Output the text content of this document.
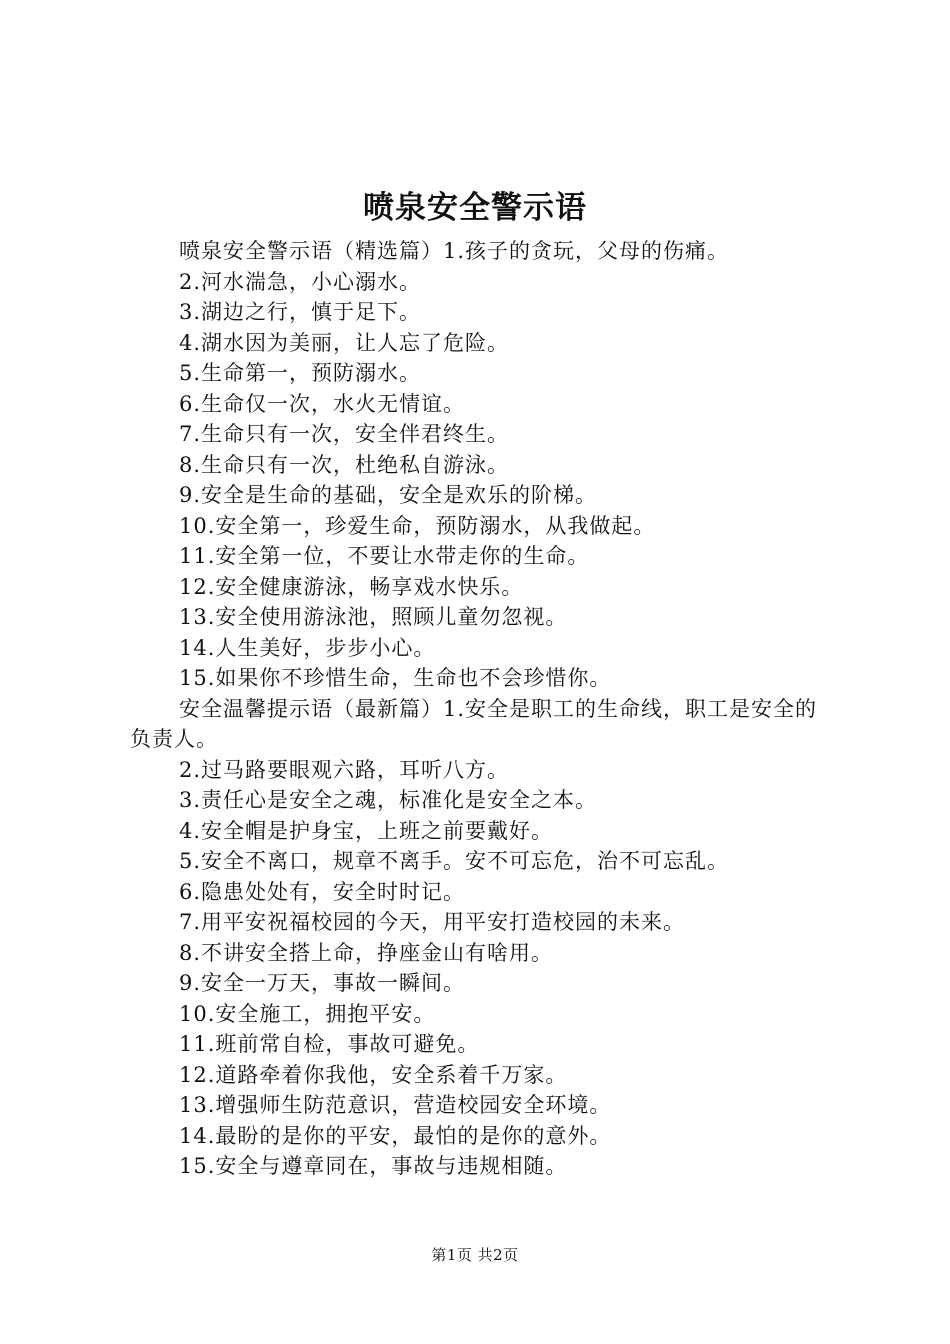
喷泉安全警示语

喷泉安全警示语（精选篇）1.孩子的贪玩，父母的伤痛。

2.河水湍急，小心溺水。

3.湖边之行，慎于足下。

4.湖水因为美丽，让人忘了危险。

5.生命第一，预防溺水。

6.生命仅一次，水火无情谊。

7.生命只有一次，安全伴君终生。

8.生命只有一次，杜绝私自游泳。

9.安全是生命的基础，安全是欢乐的阶梯。

10.安全第一，珍爱生命，预防溺水，从我做起。

11.安全第一位，不要让水带走你的生命。

12.安全健康游泳，畅享戏水快乐。

13.安全使用游泳池，照顾儿童勿忽视。

14.人生美好，步步小心。

15.如果你不珍惜生命，生命也不会珍惜你。

安全温馨提示语（最新篇）1.安全是职工的生命线，职工是安全的负责人。

2.过马路要眼观六路，耳听八方。

3.责任心是安全之魂，标准化是安全之本。

4.安全帽是护身宝，上班之前要戴好。

5.安全不离口，规章不离手。安不可忘危，治不可忘乱。

6.隐患处处有，安全时时记。

7.用平安祝福校园的今天，用平安打造校园的未来。

8.不讲安全搭上命，挣座金山有啥用。

9.安全一万天，事故一瞬间。

10.安全施工，拥抱平安。

11.班前常自检，事故可避免。

12.道路牵着你我他，安全系着千万家。

13.增强师生防范意识，营造校园安全环境。

14.最盼的是你的平安，最怕的是你的意外。

15.安全与遵章同在，事故与违规相随。

第1页 共2页
